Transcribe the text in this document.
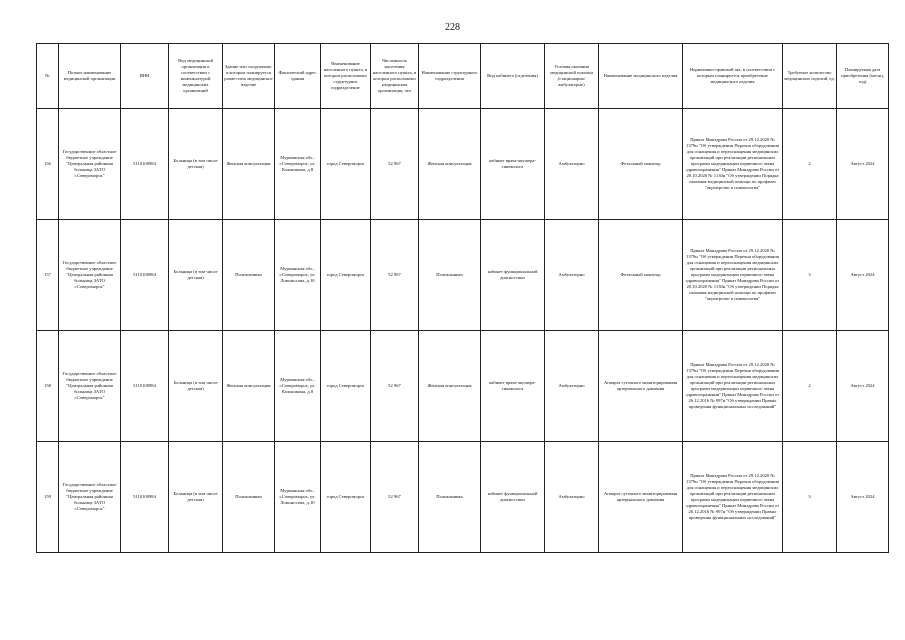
228
№	Полное наименование медицинской организации	ИНН	Вид медицинской организации в соответствии с номенклатурой медицинских организаций	Здание или сооружение, в котором планируется разместить медицинское изделие	Фактический адрес здания	Наименование населенного пункта, в котором расположено структурное подразделение	Численность населения населенного пункта, в котором расположено медицинская организация, чел	Наименование структурного подразделения	Вид кабинета (отделения)	Условия оказания медицинской помощи (стационарно/амбулаторно)	Наименование медицинского изделия	Нормативно-правовой акт, в соответствии с которым планируется приобретение медицинского изделия	Требуемое количество медицинских изделий, ед.	Планируемая дата приобретения (месяц, год)
156	Государственное областное бюджетное учреждение "Центральная районная больница ЗАТО г.Североморск"	5110100984	Больница (в том числе детская)	Женская консультация	Мурманская обл., г.Североморск, ул. Колышкина, д.8	город Североморск	52 967	Женская консультация	кабинет врача-акушера-гинеколога	Амбулаторно	Фетальный монитор	Приказ Минздрава России от 29.12.2020 № 1379н "Об утверждении Перечня оборудования для оснащения и переоснащения медицинских организаций при реализации региональных программ модернизации первичного звена здравоохранения" Приказ Минздрава России от 20.10.2020 № 1130н "Об утверждении Порядка оказания медицинской помощи по профилю "акушерство и гинекология"	2	Август 2024
157	Государственное областное бюджетное учреждение "Центральная районная больница ЗАТО г.Североморск"	5110100984	Больница (в том числе детская)	Поликлиника	Мурманская обл., г.Североморск, ул. Ломоносова, д.10	город Североморск	52 967	Поликлиника	кабинет функциональной диагностики	Амбулаторно	Фетальный монитор	Приказ Минздрава России от 29.12.2020 № 1379н "Об утверждении Перечня оборудования для оснащения и переоснащения медицинских организаций при реализации региональных программ модернизации первичного звена здравоохранения" Приказ Минздрава России от 20.10.2020 № 1130н "Об утверждении Порядка оказания медицинской помощи по профилю "акушерство и гинекология"	3	Август 2024
158	Государственное областное бюджетное учреждение "Центральная районная больница ЗАТО г.Североморск"	5110100984	Больница (в том числе детская)	Женская консультация	Мурманская обл., г.Североморск, ул. Колышкина, д.8	город Североморск	52 967	Женская консультация	кабинет врача-акушера-гинеколога	Амбулаторно	Аппарат суточного мониторирования артериального давления	Приказ Минздрава России от 29.12.2020 № 1379н "Об утверждении Перечня оборудования для оснащения и переоснащения медицинских организаций при реализации региональных программ модернизации первичного звена здравоохранения" Приказ Минздрава России от 26.12.2016 № 997н "Об утверждении Правил проведения функциональных исследований"	2	Август 2024
159	Государственное областное бюджетное учреждение "Центральная районная больница ЗАТО г.Североморск"	5110100984	Больница (в том числе детская)	Поликлиника	Мурманская обл., г.Североморск, ул. Ломоносова, д.10	город Североморск	52 967	Поликлиника	кабинет функциональной диагностики	Амбулаторно	Аппарат суточного мониторирования артериального давления	Приказ Минздрава России от 29.12.2020 № 1379н "Об утверждении Перечня оборудования для оснащения и переоснащения медицинских организаций при реализации региональных программ модернизации первичного звена здравоохранения" Приказ Минздрава России от 26.12.2016 № 997н "Об утверждении Правил проведения функциональных исследований"	3	Август 2024
